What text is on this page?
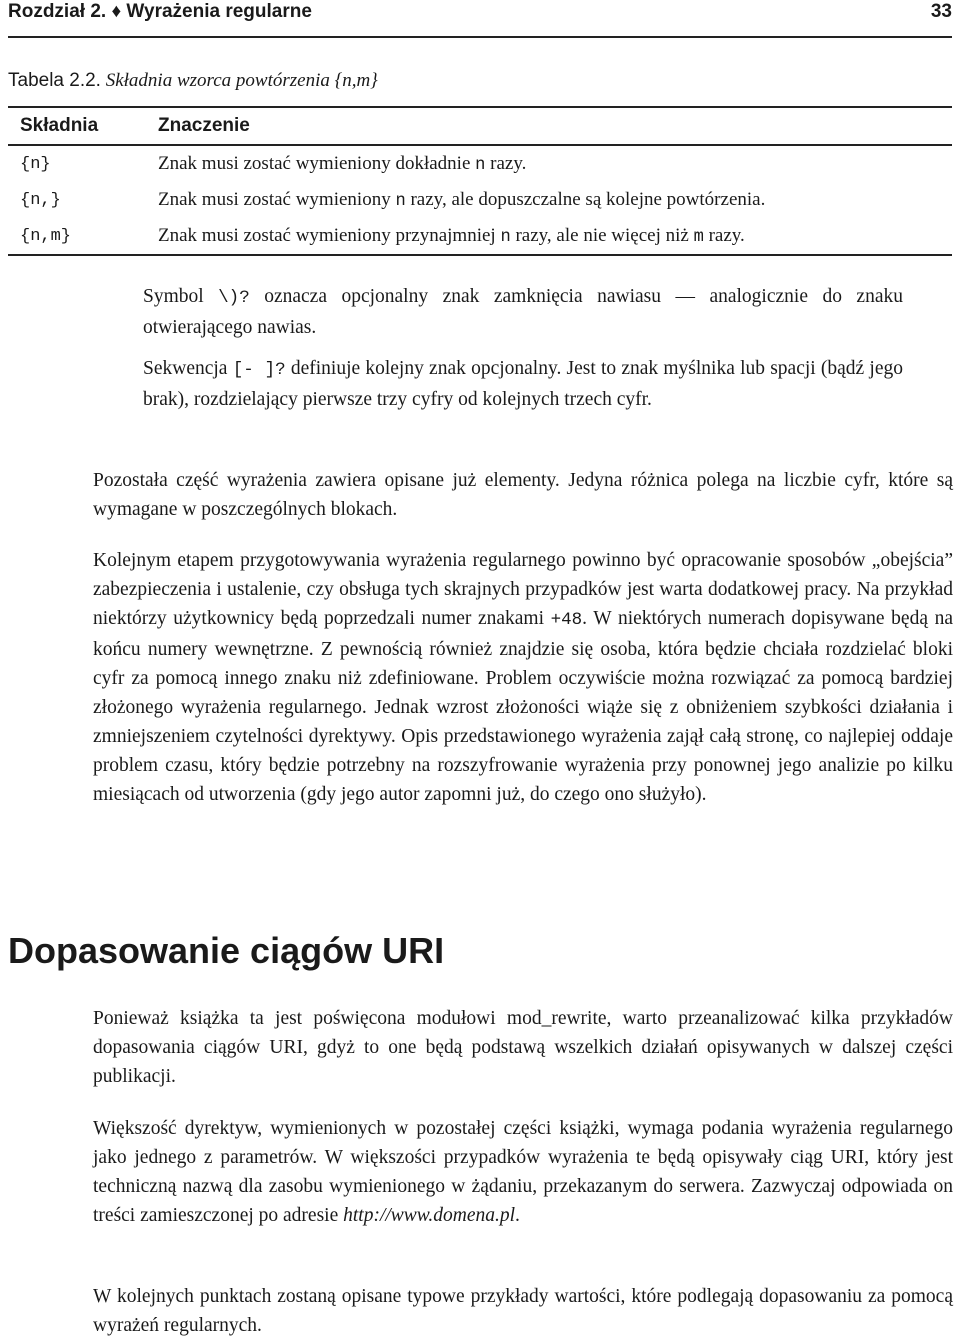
Rozdział 2. ♦ Wyrażenia regularne	33
Tabela 2.2. Składnia wzorca powtórzenia {n,m}
Składnia	Znaczenie
{n}	Znak musi zostać wymieniony dokładnie n razy.
{n,}	Znak musi zostać wymieniony n razy, ale dopuszczalne są kolejne powtórzenia.
{n,m}	Znak musi zostać wymieniony przynajmniej n razy, ale nie więcej niż m razy.

Symbol \)? oznacza opcjonalny znak zamknięcia nawiasu — analogicznie do znaku otwierającego nawias.

Sekwencja [- ]? definiuje kolejny znak opcjonalny. Jest to znak myślnika lub spacji (bądź jego brak), rozdzielający pierwsze trzy cyfry od kolejnych trzech cyfr.

Pozostała część wyrażenia zawiera opisane już elementy. Jedyna różnica polega na liczbie cyfr, które są wymagane w poszczególnych blokach.

Kolejnym etapem przygotowywania wyrażenia regularnego powinno być opracowanie sposobów „obejścia” zabezpieczenia i ustalenie, czy obsługa tych skrajnych przypadków jest warta dodatkowej pracy. Na przykład niektórzy użytkownicy będą poprzedzali numer znakami +48. W niektórych numerach dopisywane będą na końcu numery wewnętrzne. Z pewnością również znajdzie się osoba, która będzie chciała rozdzielać bloki cyfr za pomocą innego znaku niż zdefiniowane. Problem oczywiście można rozwiązać za pomocą bardziej złożonego wyrażenia regularnego. Jednak wzrost złożoności wiąże się z obniżeniem szybkości działania i zmniejszeniem czytelności dyrektywy. Opis przedstawionego wyrażenia zajął całą stronę, co najlepiej oddaje problem czasu, który będzie potrzebny na rozszyfrowanie wyrażenia przy ponownej jego analizie po kilku miesiącach od utworzenia (gdy jego autor zapomni już, do czego ono służyło).

Dopasowanie ciągów URI

Ponieważ książka ta jest poświęcona modułowi mod_rewrite, warto przeanalizować kilka przykładów dopasowania ciągów URI, gdyż to one będą podstawą wszelkich działań opisywanych w dalszej części publikacji.

Większość dyrektyw, wymienionych w pozostałej części książki, wymaga podania wyrażenia regularnego jako jednego z parametrów. W większości przypadków wyrażenia te będą opisywały ciąg URI, który jest techniczną nazwą dla zasobu wymienionego w żądaniu, przekazanym do serwera. Zazwyczaj odpowiada on treści zamieszczonej po adresie http://www.domena.pl.

W kolejnych punktach zostaną opisane typowe przykłady wartości, które podlegają dopasowaniu za pomocą wyrażeń regularnych.
